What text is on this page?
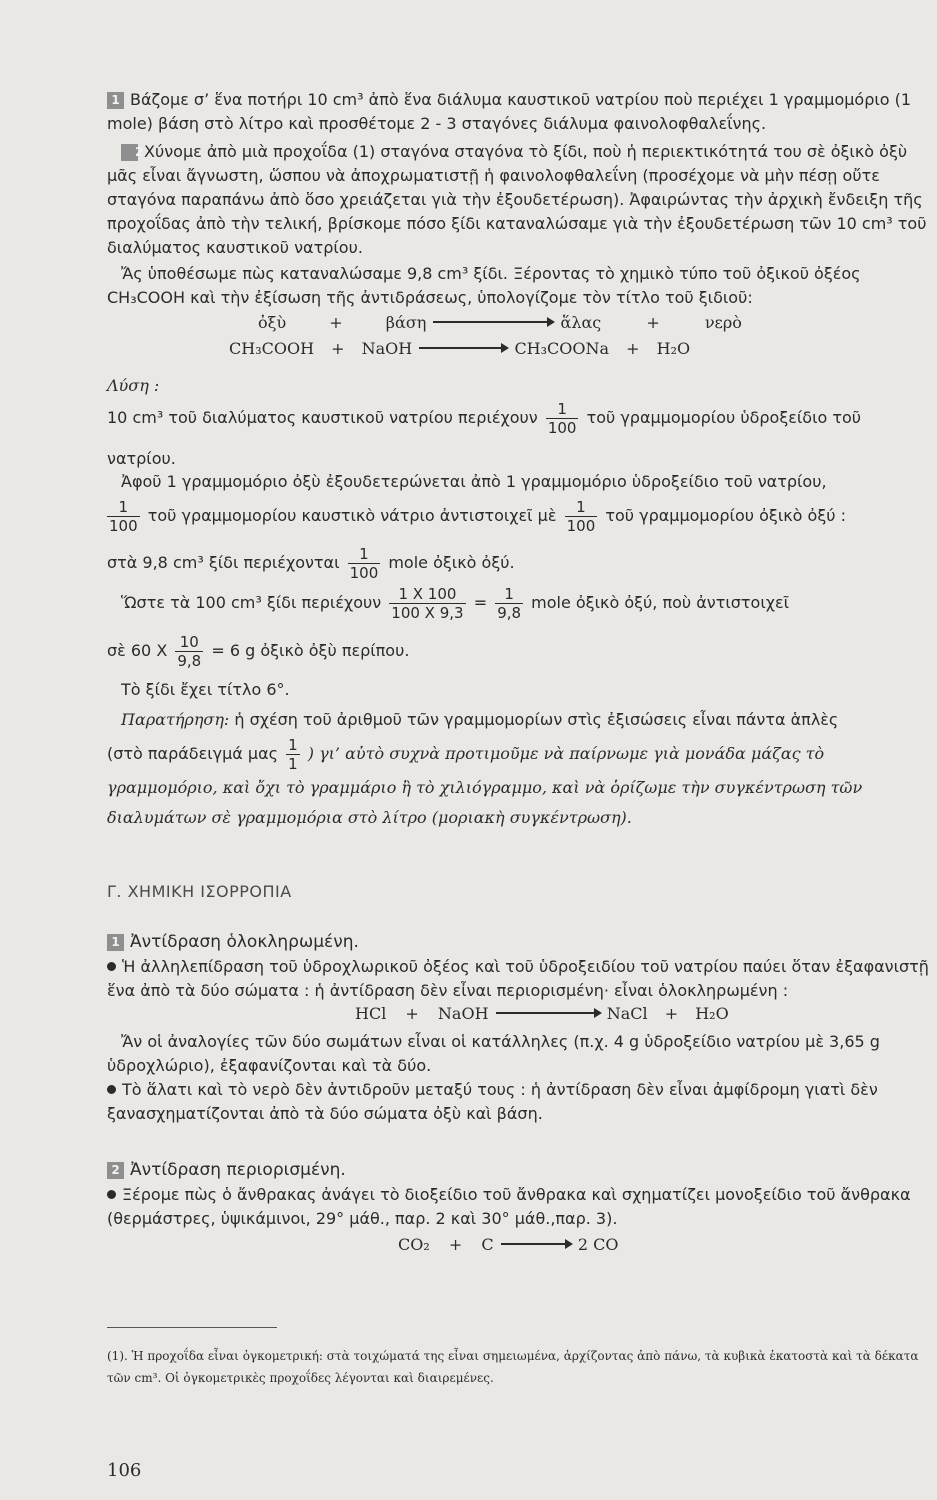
1 Βάζομε σ’ ἕνα ποτήρι 10 cm³ ἀπὸ ἕνα διάλυμα καυστικοῦ νατρίου ποὺ περιέχει 1 γραμμομόριο (1 mole) βάση στὸ λίτρο καὶ προσθέτομε 2 - 3 σταγόνες διάλυμα φαινολοφθαλεΐνης.

2Χύνομε ἀπὸ μιὰ προχοΐδα (1) σταγόνα σταγόνα τὸ ξίδι, ποὺ ἡ περιεκτικότητά του σὲ ὀξικὸ ὀξὺ μᾶς εἶναι ἄγνωστη, ὥσπου νὰ ἀποχρωματιστῇ ἡ φαινολοφθαλεΐνη (προσέχομε νὰ μὴν πέσῃ οὔτε σταγόνα παραπάνω ἀπὸ ὅσο χρειάζεται γιὰ τὴν ἐξουδετέρωση). Ἀφαιρώντας τὴν ἀρχικὴ ἔνδειξη τῆς προχοΐδας ἀπὸ τὴν τελική, βρίσκομε πόσο ξίδι καταναλώσαμε γιὰ τὴν ἐξουδετέρωση τῶν 10 cm³ τοῦ διαλύματος καυστικοῦ νατρίου.

Ἄς ὑποθέσωμε πὼς καταναλώσαμε 9,8 cm³ ξίδι. Ξέροντας τὸ χημικὸ τύπο τοῦ ὀξικοῦ ὀξέος CH₃COOH καὶ τὴν ἐξίσωση τῆς ἀντιδράσεως, ὑπολογίζομε τὸν τίτλο τοῦ ξιδιοῦ:

ὀξὺ	+	βάση	ἅλας	+	νερὸ
CH₃COOH + NaOH	CH₃COONa + H₂O
Λύση :
10 cm³ τοῦ διαλύματος καυστικοῦ νατρίου περιέχουν $\frac{1}{100}$ τοῦ γραμμομορίου ὑδροξείδιο τοῦ
νατρίου.

Ἀφοῦ 1 γραμμομόριο ὀξὺ ἐξουδετερώνεται ἀπὸ 1 γραμμομόριο ὑδροξείδιο τοῦ νατρίου,

$\frac{1}{100}$ τοῦ γραμμομορίου καυστικὸ νάτριο ἀντιστοιχεῖ μὲ $\frac{1}{100}$ τοῦ γραμμομορίου ὀξικὸ ὀξύ :
στὰ 9,8 cm³ ξίδι περιέχονται $\frac{1}{100}$ mole ὀξικὸ ὀξύ.
Ὥστε τὰ 100 cm³ ξίδι περιέχουν $\frac{1 X 100}{100 X 9,3} = \frac{1}{9,8}$ mole ὀξικὸ ὀξύ, ποὺ ἀντιστοιχεῖ
σὲ 60 X $\frac{10}{9,8} = 6$ g ὀξικὸ ὀξὺ περίπου.

Τὸ ξίδι ἔχει τίτλο 6°.

Παρατήρηση: ἡ σχέση τοῦ ἀριθμοῦ τῶν γραμμομορίων στὶς ἐξισώσεις εἶναι πάντα ἁπλὲς

(στὸ παράδειγμά μας $\frac{1}{1}$ ) γι’ αὐτὸ συχνὰ προτιμοῦμε νὰ παίρνωμε γιὰ μονάδα μάζας τὸ γραμμομόριο, καὶ ὄχι τὸ γραμμάριο ἢ τὸ χιλιόγραμμο, καὶ νὰ ὁρίζωμε τὴν συγκέντρωση τῶν διαλυμάτων σὲ γραμμομόρια στὸ λίτρο (μοριακὴ συγκέντρωση).
Γ. ΧΗΜΙΚΗ ΙΣΟΡΡΟΠΙΑ
1 Ἀντίδραση ὁλοκληρωμένη.

Ἡ ἀλληλεπίδραση τοῦ ὑδροχλωρικοῦ ὀξέος καὶ τοῦ ὑδροξειδίου τοῦ νατρίου παύει ὅταν ἐξαφανιστῇ ἕνα ἀπὸ τὰ δύο σώματα : ἡ ἀντίδραση δὲν εἶναι περιορισμένη· εἶναι ὁλοκληρωμένη :

HCl + NaOH	NaCl + H₂O

Ἄν οἱ ἀναλογίες τῶν δύο σωμάτων εἶναι οἱ κατάλληλες (π.χ. 4 g ὑδροξείδιο νατρίου μὲ 3,65 g ὑδροχλώριο), ἐξαφανίζονται καὶ τὰ δύο.

Τὸ ἅλατι καὶ τὸ νερὸ δὲν ἀντιδροῦν μεταξύ τους : ἡ ἀντίδραση δὲν εἶναι ἀμφίδρομη γιατὶ δὲν ξανασχηματίζονται ἀπὸ τὰ δύο σώματα ὀξὺ καὶ βάση.

2 Ἀντίδραση περιορισμένη.

Ξέρομε πὼς ὁ ἄνθρακας ἀνάγει τὸ διοξείδιο τοῦ ἄνθρακα καὶ σχηματίζει μονοξείδιο τοῦ ἄνθρακα (θερμάστρες, ὑψικάμινοι, 29° μάθ., παρ. 2 καὶ 30° μάθ.,παρ. 3).

CO₂ + C	2 CO
(1). Ἡ προχοΐδα εἶναι ὀγκομετρική: στὰ τοιχώματά της εἶναι σημειωμένα, ἀρχίζοντας ἀπὸ πάνω, τὰ κυβικὰ ἑκατοστὰ καὶ τὰ δέκατα τῶν cm³. Οἱ ὀγκομετρικὲς προχοΐδες λέγονται καὶ διαιρεμένες.
106
